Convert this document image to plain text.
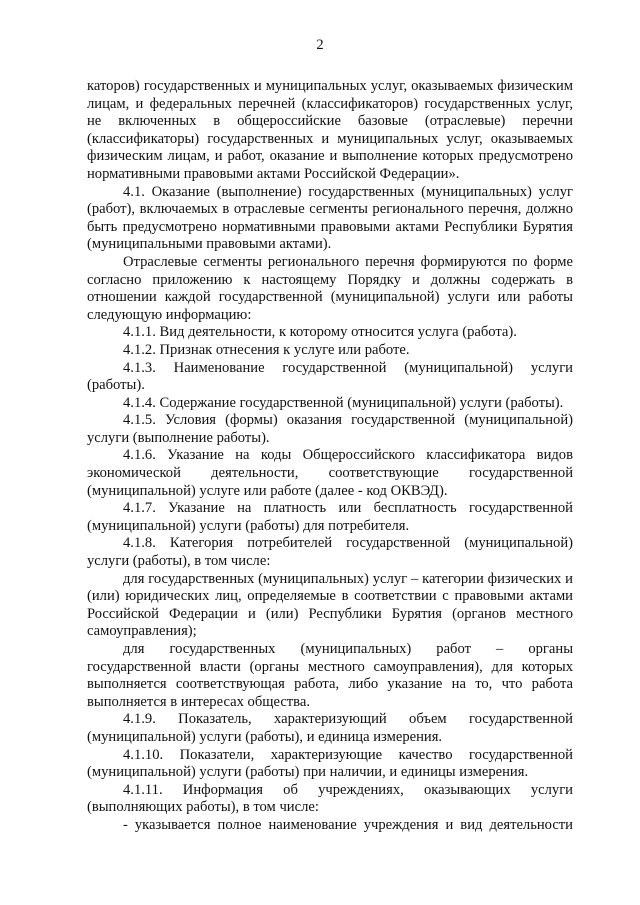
2

каторов) государственных и муниципальных услуг, оказываемых физическим лицам, и федеральных перечней (классификаторов) государственных услуг, не включенных в общероссийские базовые (отраслевые) перечни (классификаторы) государственных и муниципальных услуг, оказываемых физическим лицам, и работ, оказание и выполнение которых предусмотрено нормативными правовыми актами Российской Федерации».

4.1. Оказание (выполнение) государственных (муниципальных) услуг (работ), включаемых в отраслевые сегменты регионального перечня, должно быть предусмотрено нормативными правовыми актами Республики Бурятия (муниципальными правовыми актами).

Отраслевые сегменты регионального перечня формируются по форме согласно приложению к настоящему Порядку и должны содержать в отношении каждой государственной (муниципальной) услуги или работы следующую информацию:

4.1.1. Вид деятельности, к которому относится услуга (работа).

4.1.2. Признак отнесения к услуге или работе.

4.1.3. Наименование государственной (муниципальной) услуги (работы).

4.1.4. Содержание государственной (муниципальной) услуги (работы).

4.1.5. Условия (формы) оказания государственной (муниципальной) услуги (выполнение работы).

4.1.6. Указание на коды Общероссийского классификатора видов экономической деятельности, соответствующие государственной (муниципальной) услуге или работе (далее - код ОКВЭД).

4.1.7. Указание на платность или бесплатность государственной (муниципальной) услуги (работы) для потребителя.

4.1.8. Категория потребителей государственной (муниципальной) услуги (работы), в том числе:

для государственных (муниципальных) услуг – категории физических и (или) юридических лиц, определяемые в соответствии с правовыми актами Российской Федерации и (или) Республики Бурятия (органов местного самоуправления);

для государственных (муниципальных) работ – органы государственной власти (органы местного самоуправления), для которых выполняется соответствующая работа, либо указание на то, что работа выполняется в интересах общества.

4.1.9. Показатель, характеризующий объем государственной (муниципальной) услуги (работы), и единица измерения.

4.1.10. Показатели, характеризующие качество государственной (муниципальной) услуги (работы) при наличии, и единицы измерения.

4.1.11. Информация об учреждениях, оказывающих услуги (выполняющих работы), в том числе:

- указывается полное наименование учреждения и вид деятельности
